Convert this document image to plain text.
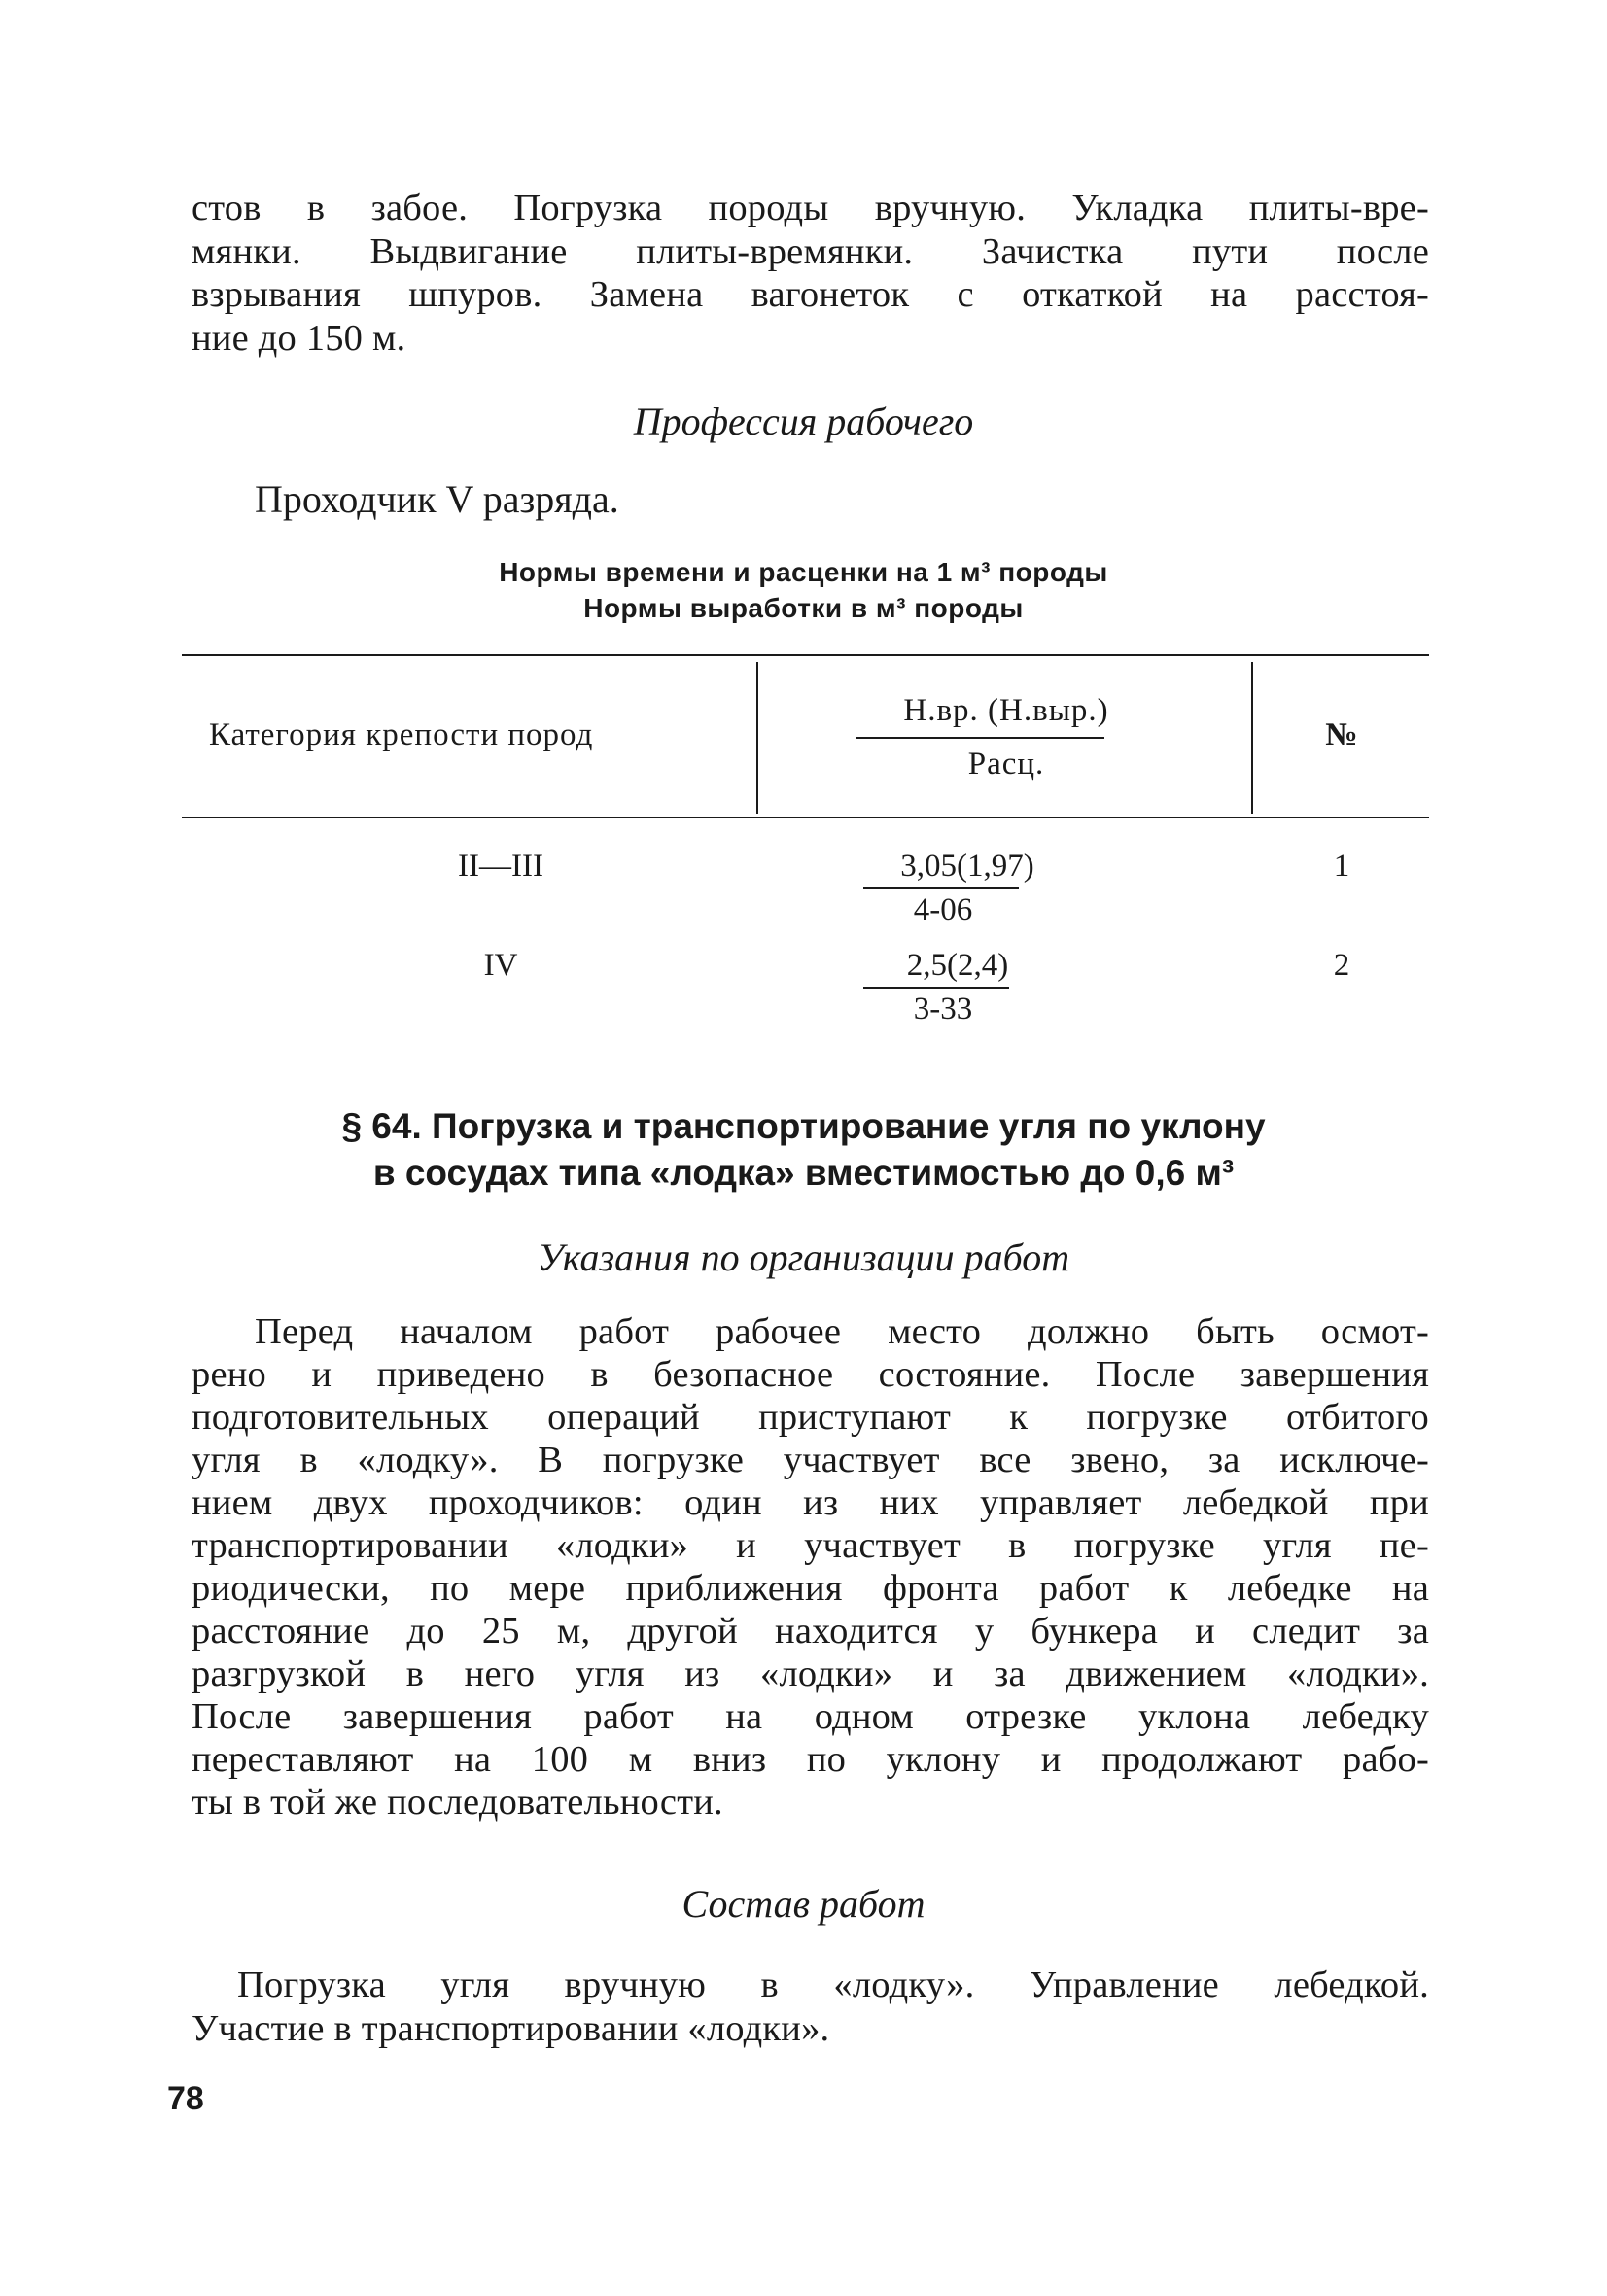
стов в забое. Погрузка породы вручную. Укладка плиты-вре-
мянки. Выдвигание плиты-времянки. Зачистка пути после
взрывания шпуров. Замена вагонеток с откаткой на расстоя-
ние до 150 м.
Профессия рабочего
Проходчик V разряда.
Нормы времени и расценки на 1 м³ породы
Нормы выработки в м³ породы
Категория крепости пород
Н.вр. (Н.выр.)
Расц.
№
II—III	3,05(1,97)
4-06
1
IV	2,5(2,4)
3-33
2
§ 64. Погрузка и транспортирование угля по уклону
в сосудах типа «лодка» вместимостью до 0,6 м³
Указания по организации работ
Перед началом работ рабочее место должно быть осмот-
рено и приведено в безопасное состояние. После завершения
подготовительных операций приступают к погрузке отбитого
угля в «лодку». В погрузке участвует все звено, за исключе-
нием двух проходчиков: один из них управляет лебедкой при
транспортировании «лодки» и участвует в погрузке угля пе-
риодически, по мере приближения фронта работ к лебедке на
расстояние до 25 м, другой находится у бункера и следит за
разгрузкой в него угля из «лодки» и за движением «лодки».
После завершения работ на одном отрезке уклона лебедку
переставляют на 100 м вниз по уклону и продолжают рабо-
ты в той же последовательности.
Состав работ
Погрузка угля вручную в «лодку». Управление лебедкой.
Участие в транспортировании «лодки».
78
